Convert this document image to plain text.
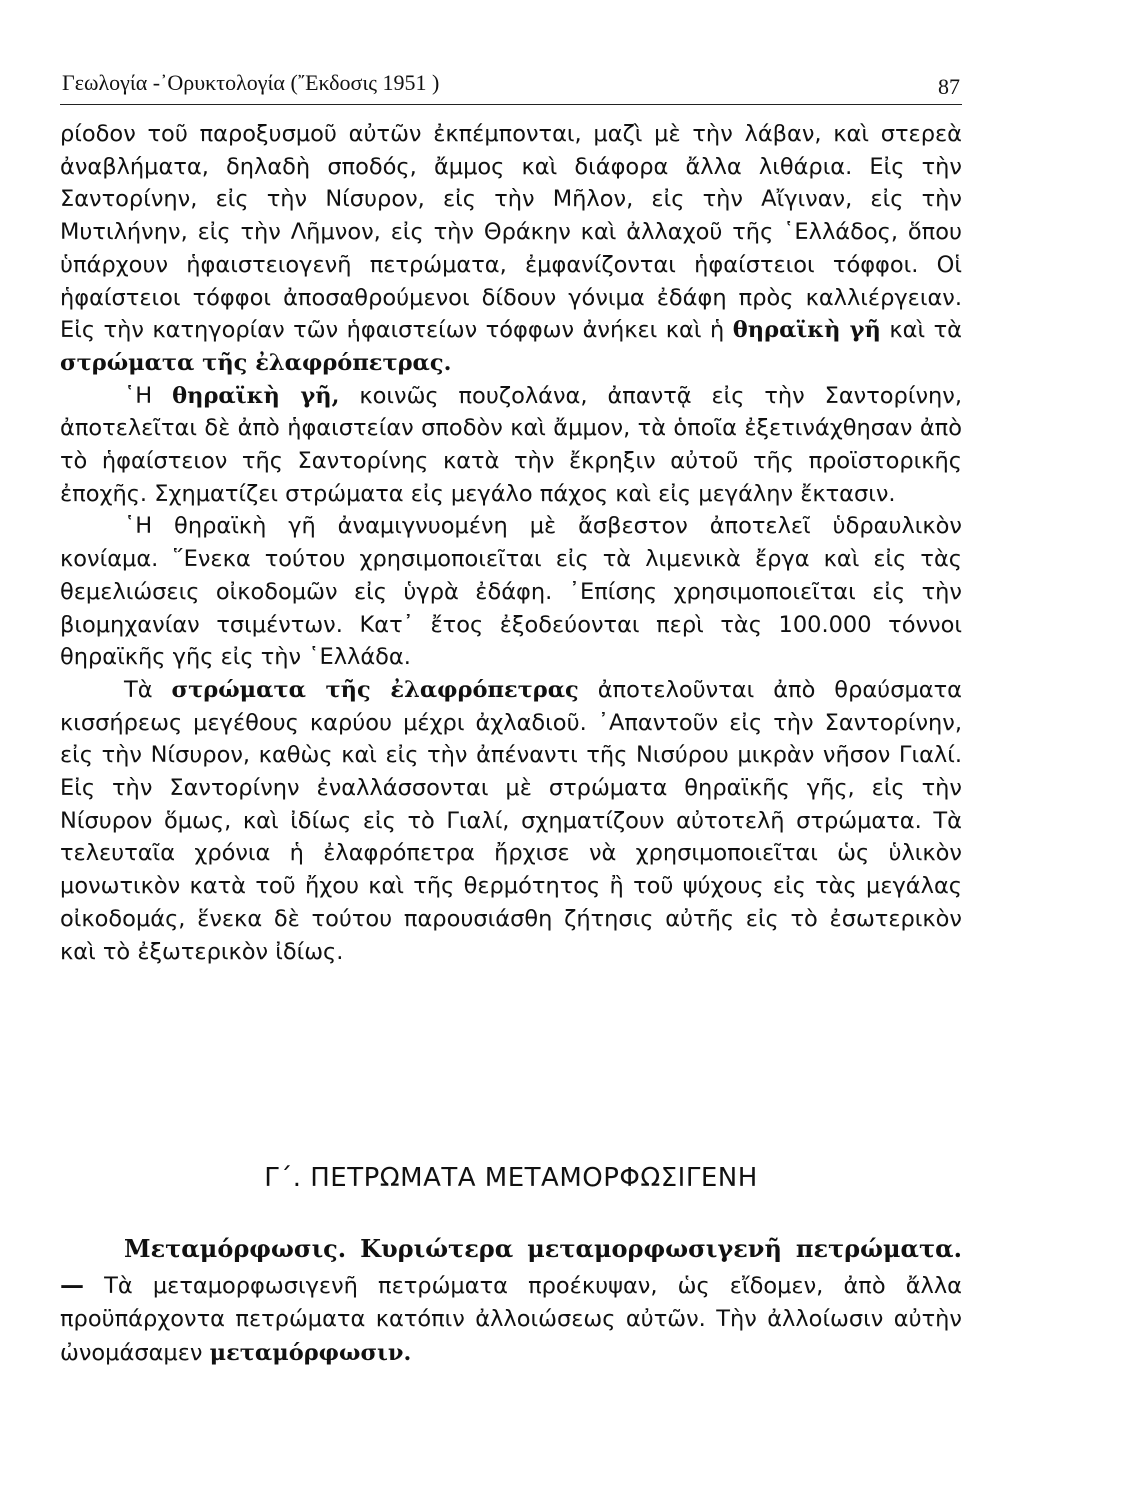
Γεωλογία -᾿Ορυκτολογία (῎Εκδοσις 1951 )	87

ρίοδον τοῦ παροξυσμοῦ αὐτῶν ἐκπέμπονται, μαζὶ μὲ τὴν λάβαν, καὶ στερεὰ ἀναβλήματα, δηλαδὴ σποδός, ἄμμος καὶ διάφορα ἄλλα λιθάρια. Εἰς τὴν Σαντορίνην, εἰς τὴν Νίσυρον, εἰς τὴν Μῆλον, εἰς τὴν Αἴγιναν, εἰς τὴν Μυτιλήνην, εἰς τὴν Λῆμνον, εἰς τὴν Θράκην καὶ ἀλλαχοῦ τῆς ῾Ελλάδος, ὅπου ὑπάρχουν ἡφαιστειογενῆ πετρώματα, ἐμφανίζονται ἡφαίστειοι τόφφοι. Οἱ ἡφαίστειοι τόφφοι ἀποσαθρούμενοι δίδουν γόνιμα ἐδάφη πρὸς καλλιέργειαν. Εἰς τὴν κατηγορίαν τῶν ἡφαιστείων τόφφων ἀνήκει καὶ ἡ θηραϊκὴ γῆ καὶ τὰ στρώματα τῆς ἐλαφρόπετρας.

῾Η θηραϊκὴ γῆ, κοινῶς πουζολάνα, ἀπαντᾷ εἰς τὴν Σαντορίνην, ἀποτελεῖται δὲ ἀπὸ ἡφαιστείαν σποδὸν καὶ ἄμμον, τὰ ὁποῖα ἐξετινάχθησαν ἀπὸ τὸ ἡφαίστειον τῆς Σαντορίνης κατὰ τὴν ἔκρηξιν αὐτοῦ τῆς προϊστορικῆς ἐποχῆς. Σχηματίζει στρώματα εἰς μεγάλο πάχος καὶ εἰς μεγάλην ἔκτασιν.

῾Η θηραϊκὴ γῆ ἀναμιγνυομένη μὲ ἄσβεστον ἀποτελεῖ ὑδραυλικὸν κονίαμα. ῞Ενεκα τούτου χρησιμοποιεῖται εἰς τὰ λιμενικὰ ἔργα καὶ εἰς τὰς θεμελιώσεις οἰκοδομῶν εἰς ὑγρὰ ἐδάφη. ᾿Επίσης χρησιμοποιεῖται εἰς τὴν βιομηχανίαν τσιμέντων. Κατ᾿ ἔτος ἐξοδεύονται περὶ τὰς 100.000 τόννοι θηραϊκῆς γῆς εἰς τὴν ῾Ελλάδα.

Τὰ στρώματα τῆς ἐλαφρόπετρας ἀποτελοῦνται ἀπὸ θραύσματα κισσήρεως μεγέθους καρύου μέχρι ἀχλαδιοῦ. ᾿Απαντοῦν εἰς τὴν Σαντορίνην, εἰς τὴν Νίσυρον, καθὼς καὶ εἰς τὴν ἀπέναντι τῆς Νισύρου μικρὰν νῆσον Γιαλί. Εἰς τὴν Σαντορίνην ἐναλλάσσονται μὲ στρώματα θηραϊκῆς γῆς, εἰς τὴν Νίσυρον ὅμως, καὶ ἰδίως εἰς τὸ Γιαλί, σχηματίζουν αὐτοτελῆ στρώματα. Τὰ τελευταῖα χρόνια ἡ ἐλαφρόπετρα ἤρχισε νὰ χρησιμοποιεῖται ὡς ὑλικὸν μονωτικὸν κατὰ τοῦ ἤχου καὶ τῆς θερμότητος ἢ τοῦ ψύχους εἰς τὰς μεγάλας οἰκοδομάς, ἕνεκα δὲ τούτου παρουσιάσθη ζήτησις αὐτῆς εἰς τὸ ἐσωτερικὸν καὶ τὸ ἐξωτερικὸν ἰδίως.

Γ΄. ΠΕΤΡΩΜΑΤΑ ΜΕΤΑΜΟΡΦΩΣΙΓΕΝΗ

Μεταμόρφωσις. Κυριώτερα μεταμορφωσιγενῆ πετρώματα.— Τὰ μεταμορφωσιγενῆ πετρώματα προέκυψαν, ὡς εἴδομεν, ἀπὸ ἄλλα προϋπάρχοντα πετρώματα κατόπιν ἀλλοιώσεως αὐτῶν. Τὴν ἀλλοίωσιν αὐτὴν ὠνομάσαμεν μεταμόρφωσιν.
